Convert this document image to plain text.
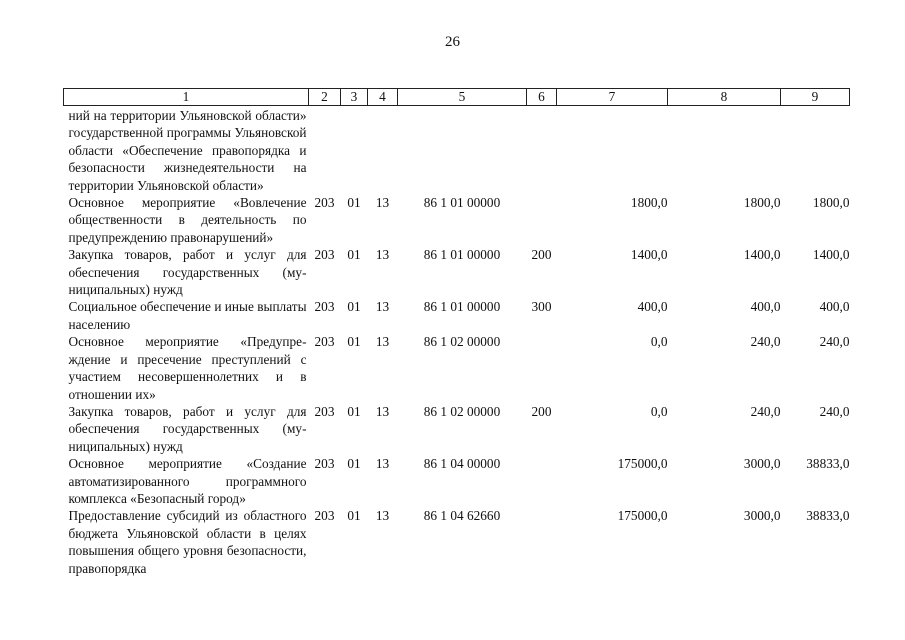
26
1	2	3	4	5	6	7	8	9
ний на территории Ульяновской области» государственной программы Ульяновской области «Обеспечение правопорядка и безопасности жизнедеятельности на территории Ульяновской области»								
Основное мероприятие «Вовлечение общественности в деятельность по предупреждению правонарушений»	203	01	13	86 1 01 00000		1800,0	1800,0	1800,0
Закупка товаров, работ и услуг для обеспечения государственных (муниципальных) нужд	203	01	13	86 1 01 00000	200	1400,0	1400,0	1400,0
Социальное обеспечение и иные выплаты населению	203	01	13	86 1 01 00000	300	400,0	400,0	400,0
Основное мероприятие «Предупреждение и пресечение преступлений с участием несовершеннолетних и в отношении их»	203	01	13	86 1 02 00000		0,0	240,0	240,0
Закупка товаров, работ и услуг для обеспечения государственных (муниципальных) нужд	203	01	13	86 1 02 00000	200	0,0	240,0	240,0
Основное мероприятие «Создание автоматизированного программного комплекса «Безопасный город»	203	01	13	86 1 04 00000		175000,0	3000,0	38833,0
Предоставление субсидий из областного бюджета Ульяновской области в целях повышения общего уровня безопасности, правопорядка	203	01	13	86 1 04 62660		175000,0	3000,0	38833,0
